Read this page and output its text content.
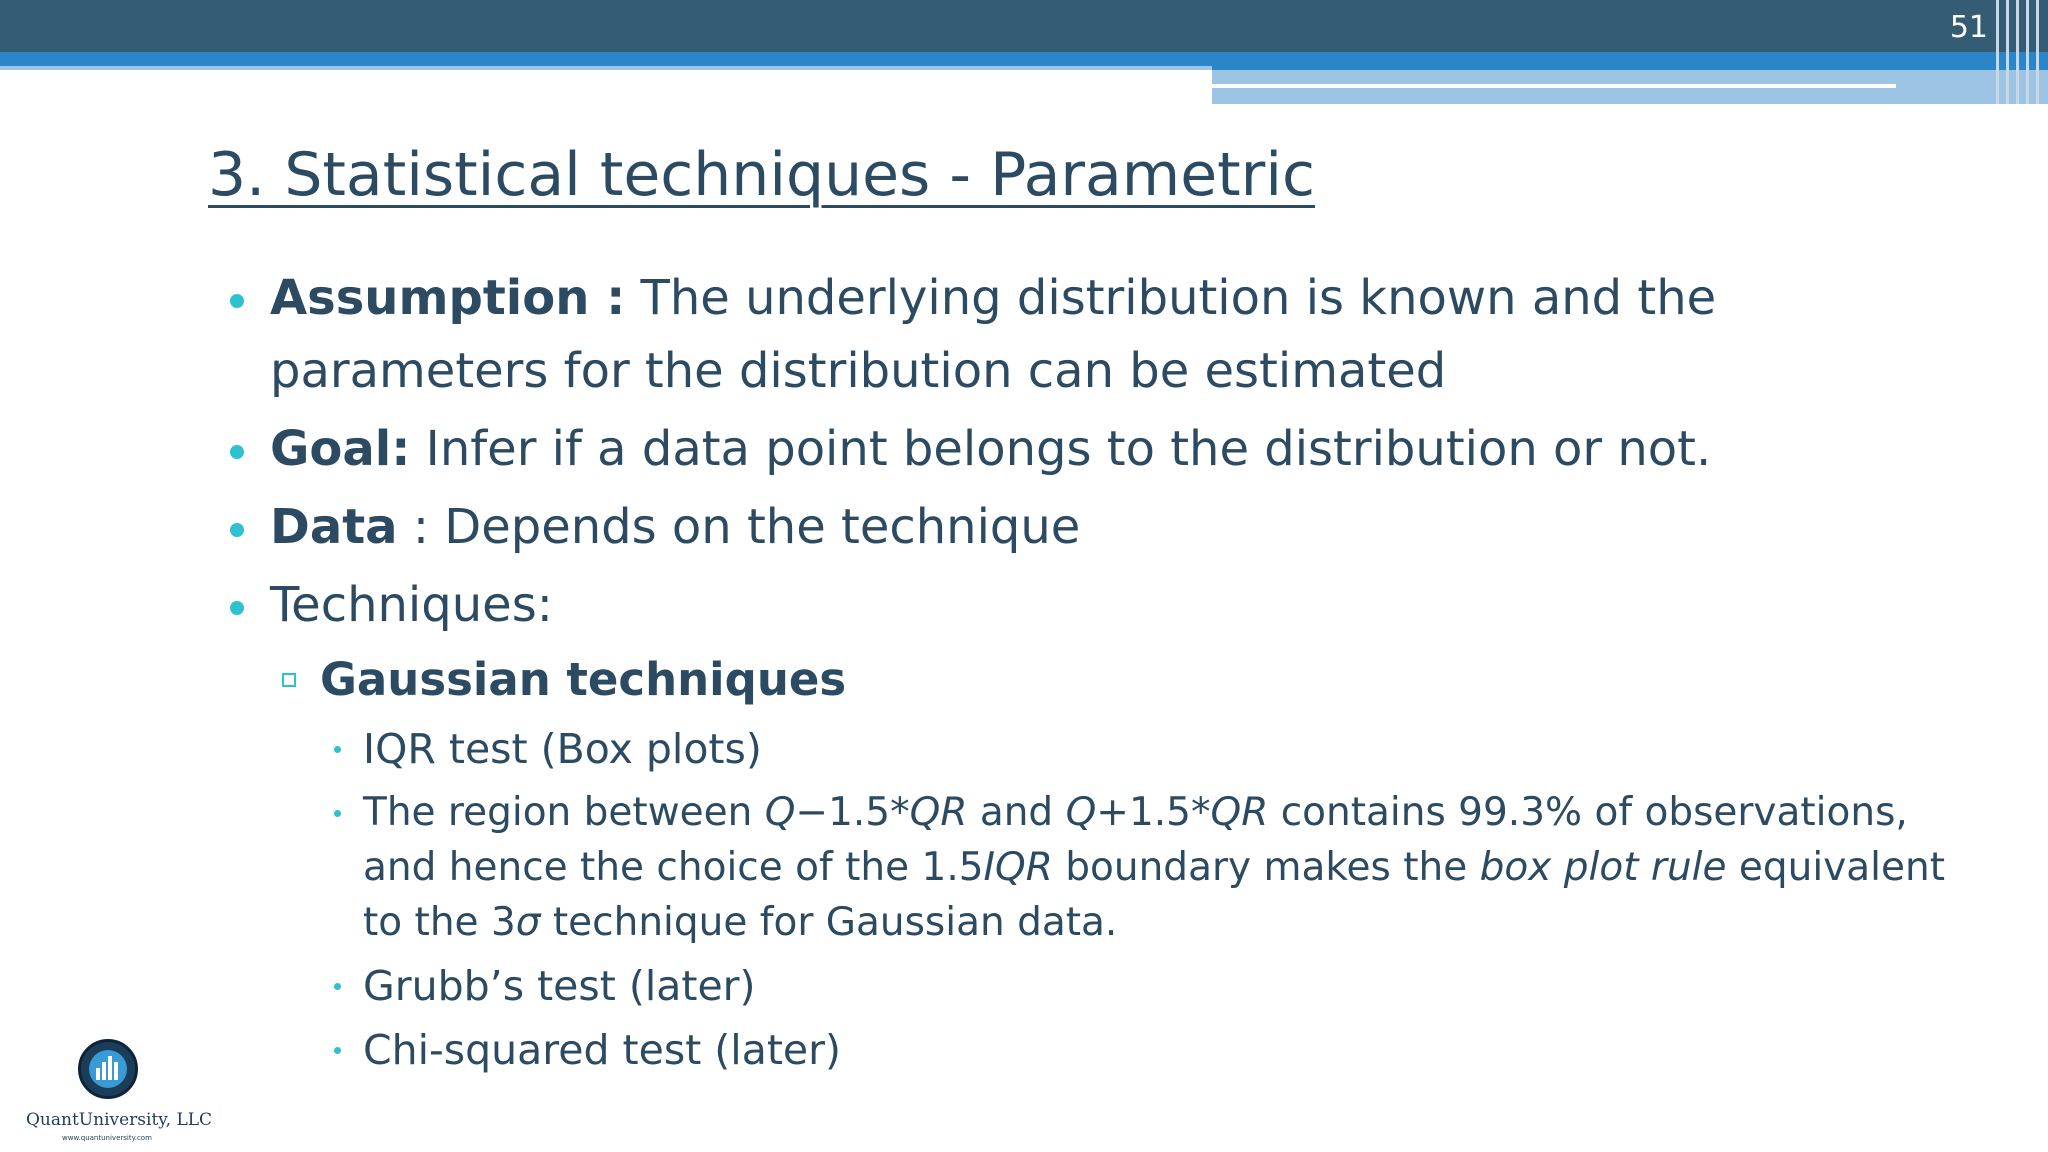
51
3. Statistical techniques - Parametric
Assumption : The underlying distribution is known and the parameters for the distribution can be estimated
Goal: Infer if a data point belongs to the distribution or not.
Data : Depends on the technique
Techniques:
Gaussian techniques
IQR test (Box plots)
The region between Q−1.5*QR and Q+1.5*QR contains 99.3% of observations, and hence the choice of the 1.5IQR boundary makes the box plot rule equivalent to the 3σ technique for Gaussian data.
Grubb’s test (later)
Chi-squared test (later)
QuantUniversity, LLC
www.quantuniversity.com
